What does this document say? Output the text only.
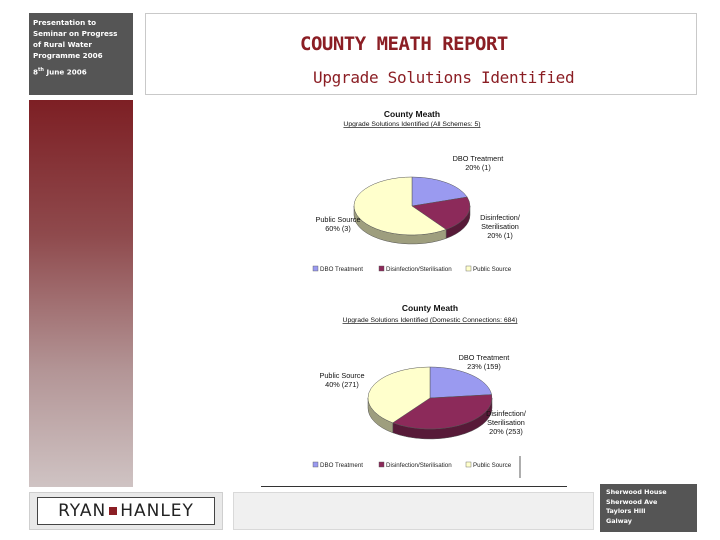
Presentation to
Seminar on Progress
of Rural Water
Programme 2006
8th June 2006
COUNTY MEATH REPORT
Upgrade Solutions Identified
RYAN HANLEY
Sherwood House
Sherwood Ave
Taylors Hill
Galway
County Meath
Upgrade Solutions Identified (All Schemes: 5)
DBO Treatment
20% (1)
Disinfection/
Sterilisation
20% (1)
Public Source
60% (3)
DBO Treatment	Disinfection/Sterilisation	Public Source
County Meath
Upgrade Solutions Identified (Domestic Connections: 684)
DBO Treatment
23% (159)
Disinfection/
Sterilisation
20% (253)
Public Source
40% (271)
DBO Treatment	Disinfection/Sterilisation	Public Source
